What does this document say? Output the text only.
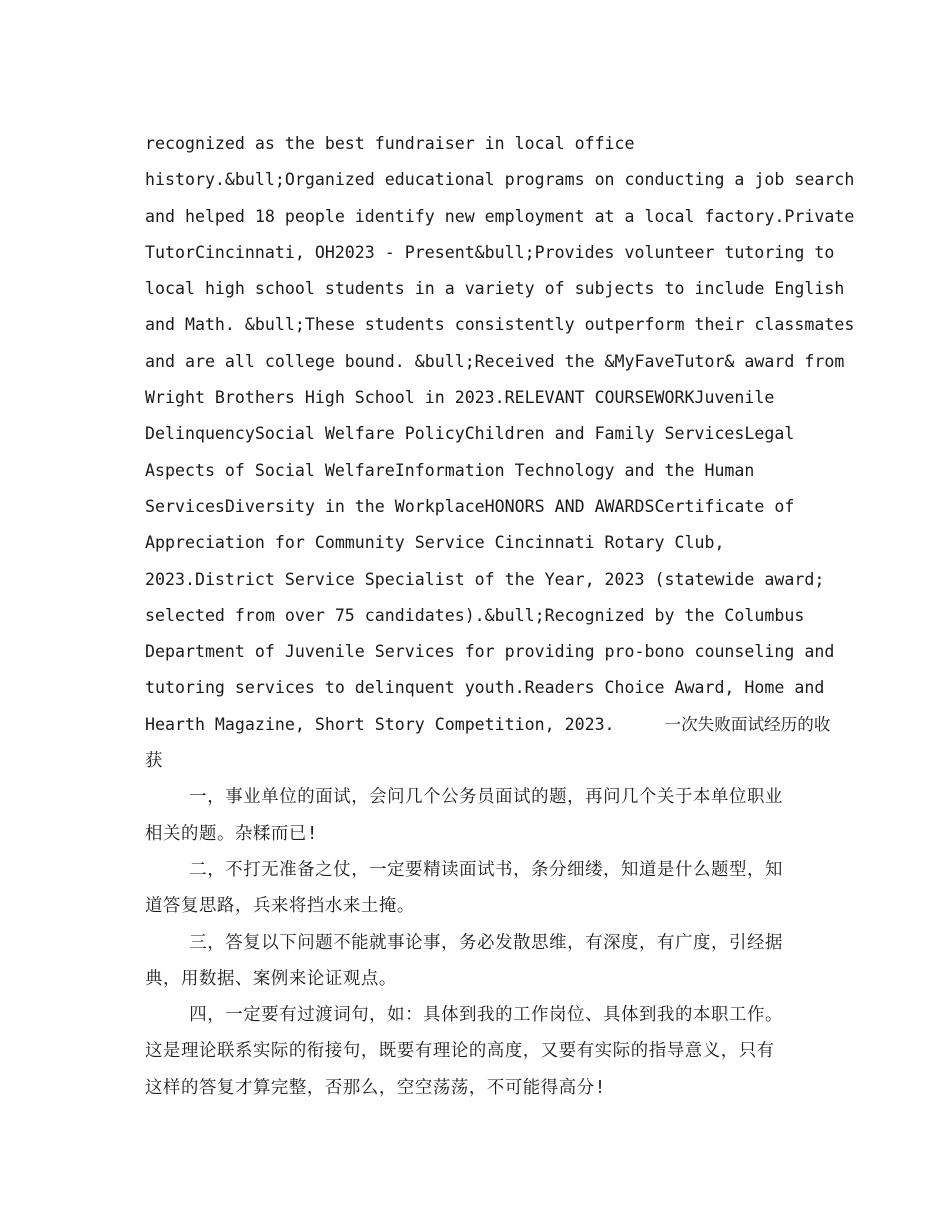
recognized as the best fundraiser in local office
history.&bull;Organized educational programs on conducting a job search
and helped 18 people identify new employment at a local factory.Private
TutorCincinnati, OH2023 - Present&bull;Provides volunteer tutoring to
local high school students in a variety of subjects to include English
and Math. &bull;These students consistently outperform their classmates
and are all college bound. &bull;Received the &MyFaveTutor& award from
Wright Brothers High School in 2023.RELEVANT COURSEWORKJuvenile
DelinquencySocial Welfare PolicyChildren and Family ServicesLegal
Aspects of Social WelfareInformation Technology and the Human
ServicesDiversity in the WorkplaceHONORS AND AWARDSCertificate of
Appreciation for Community Service Cincinnati Rotary Club,
2023.District Service Specialist of the Year, 2023 (statewide award;
selected from over 75 candidates).&bull;Recognized by the Columbus
Department of Juvenile Services for providing pro-bono counseling and
tutoring services to delinquent youth.Readers Choice Award, Home and
Hearth Magazine, Short Story Competition, 2023.     一次失败面试经历的收
获
一，事业单位的面试，会问几个公务员面试的题，再问几个关于本单位职业
相关的题。杂糅而已!
二，不打无准备之仗，一定要精读面试书，条分细缕，知道是什么题型，知
道答复思路，兵来将挡水来土掩。
三，答复以下问题不能就事论事，务必发散思维，有深度，有广度，引经据
典，用数据、案例来论证观点。
四，一定要有过渡词句，如：具体到我的工作岗位、具体到我的本职工作。
这是理论联系实际的衔接句，既要有理论的高度，又要有实际的指导意义，只有
这样的答复才算完整，否那么，空空荡荡，不可能得高分!
